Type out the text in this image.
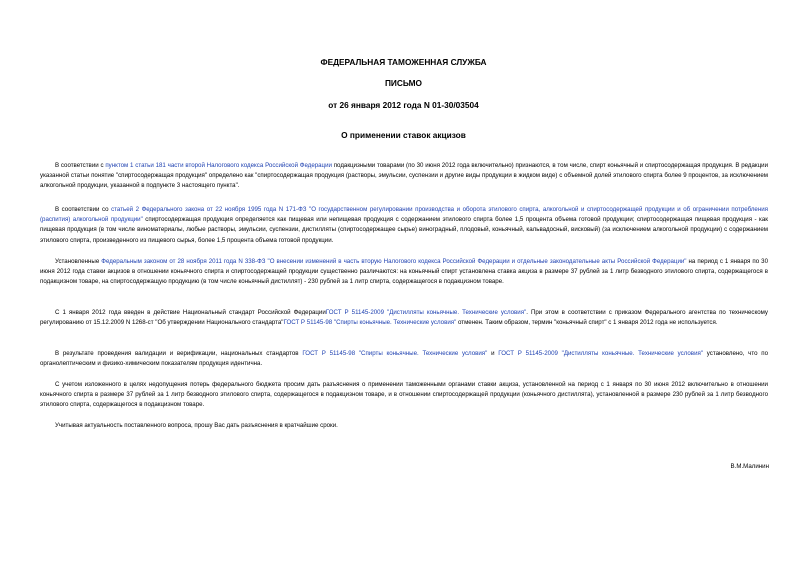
ФЕДЕРАЛЬНАЯ ТАМОЖЕННАЯ СЛУЖБА
ПИСЬМО
от 26 января 2012 года N 01-30/03504
О применении ставок акцизов
В соответствии с пунктом 1 статьи 181 части второй Налогового кодекса Российской Федерации подакцизными товарами (по 30 июня 2012 года включительно) признаются, в том числе, спирт коньячный и спиртосодержащая продукция. В редакции указанной статьи понятие "спиртосодержащая продукция" определено как "спиртосодержащая продукция (растворы, эмульсии, суспензии и другие виды продукции в жидком виде) с объемной долей этилового спирта более 9 процентов, за исключением алкогольной продукции, указанной в подпункте 3 настоящего пункта".
В соответствии со статьей 2 Федерального закона от 22 ноября 1995 года N 171-ФЗ "О государственном регулировании производства и оборота этилового спирта, алкогольной и спиртосодержащей продукции и об ограничении потребления (распития) алкогольной продукции" спиртосодержащая продукция определяется как пищевая или непищевая продукция с содержанием этилового спирта более 1,5 процента объема готовой продукции; спиртосодержащая пищевая продукция - как пищевая продукция (в том числе виноматериалы, любые растворы, эмульсии, суспензии, дистилляты (спиртосодержащее сырье) виноградный, плодовый, коньячный, кальвадосный, висковый) (за исключением алкогольной продукции) с содержанием этилового спирта, произведенного из пищевого сырья, более 1,5 процента объема готовой продукции.
Установленные Федеральным законом от 28 ноября 2011 года N 338-ФЗ "О внесении изменений в часть вторую Налогового кодекса Российской Федерации и отдельные законодательные акты Российской Федерации" на период с 1 января по 30 июня 2012 года ставки акцизов в отношении коньячного спирта и спиртосодержащей продукции существенно различаются: на коньячный спирт установлена ставка акциза в размере 37 рублей за 1 литр безводного этилового спирта, содержащегося в подакцизном товаре, на спиртосодержащую продукцию (в том числе коньячный дистиллят) - 230 рублей за 1 литр спирта, содержащегося в подакцизном товаре.
С 1 января 2012 года введен в действие Национальный стандарт Российской ФедерацииГОСТ Р 51145-2009 "Дистилляты коньячные. Технические условия". При этом в соответствии с приказом Федерального агентства по техническому регулированию от 15.12.2009 N 1268-ст "Об утверждении Национального стандарта"ГОСТ Р 51145-98 "Спирты коньячные. Технические условия" отменен. Таким образом, термин "коньячный спирт" с 1 января 2012 года не используется.
В результате проведения валидации и верификации, национальных стандартов ГОСТ Р 51145-98 "Спирты коньячные. Технические условия" и ГОСТ Р 51145-2009 "Дистилляты коньячные. Технические условия" установлено, что по органолептическим и физико-химическим показателям продукция идентична.
С учетом изложенного в целях недопущения потерь федерального бюджета просим дать разъяснения о применении таможенными органами ставки акциза, установленной на период с 1 января по 30 июня 2012 включительно в отношении коньячного спирта в размере 37 рублей за 1 литр безводного этилового спирта, содержащегося в подакцизном товаре, и в отношении спиртосодержащей продукции (коньячного дистиллята), установленной в размере 230 рублей за 1 литр безводного этилового спирта, содержащегося в подакцизном товаре.
Учитывая актуальность поставленного вопроса, прошу Вас дать разъяснения в кратчайшие сроки.
В.М.Малинин
